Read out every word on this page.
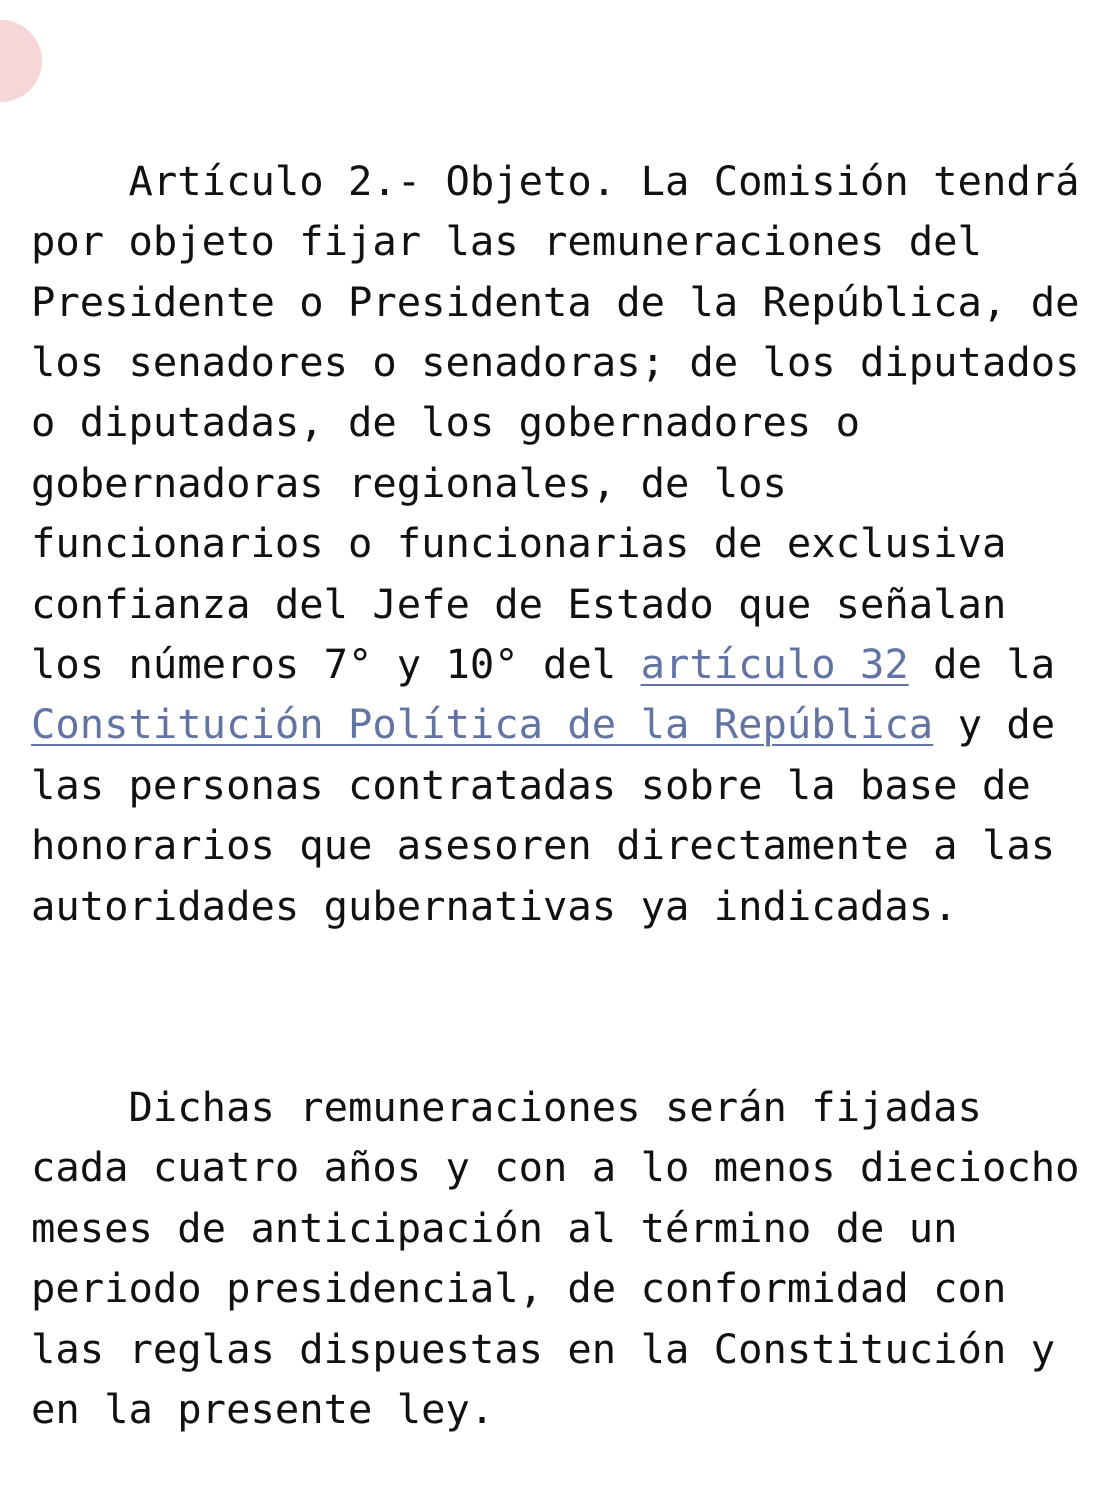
Artículo 2.- Objeto. La Comisión tendrá
por objeto fijar las remuneraciones del
Presidente o Presidenta de la República, de
los senadores o senadoras; de los diputados
o diputadas, de los gobernadores o
gobernadoras regionales, de los
funcionarios o funcionarias de exclusiva
confianza del Jefe de Estado que señalan
los números 7° y 10° del artículo 32 de la
Constitución Política de la República y de
las personas contratadas sobre la base de
honorarios que asesoren directamente a las
autoridades gubernativas ya indicadas.

Dichas remuneraciones serán fijadas
cada cuatro años y con a lo menos dieciocho
meses de anticipación al término de un
periodo presidencial, de conformidad con
las reglas dispuestas en la Constitución y
en la presente ley.
